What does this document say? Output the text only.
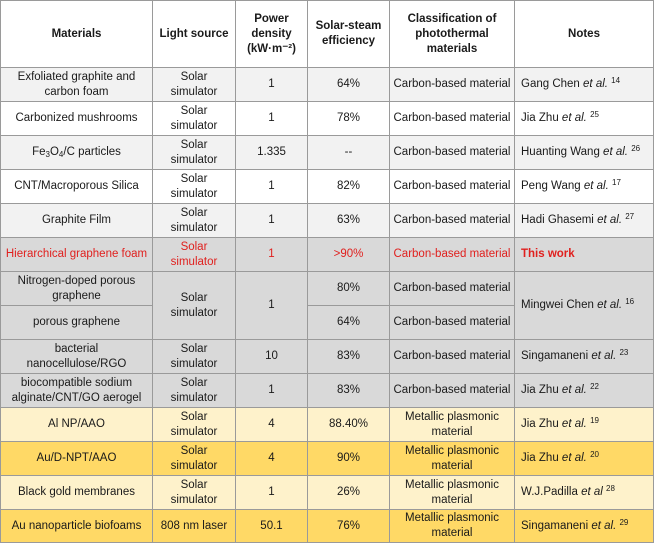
Materials	Light source	Power density (kW·m⁻²)	Solar-steam efficiency	Classification of photothermal materials	Notes
Exfoliated graphite and carbon foam	Solar simulator	1	64%	Carbon-based material	Gang Chen et al. $^{14}$
Carbonized mushrooms	Solar simulator	1	78%	Carbon-based material	Jia Zhu et al. $^{25}$
$Fe_3O_4/C$ particles	Solar simulator	1.335	--	Carbon-based material	Huanting Wang et al. $^{26}$
CNT/Macroporous Silica	Solar simulator	1	82%	Carbon-based material	Peng Wang et al. $^{17}$
Graphite Film	Solar simulator	1	63%	Carbon-based material	Hadi Ghasemi et al. $^{27}$
Hierarchical graphene foam	Solar simulator	1	>90%	Carbon-based material	This work
Nitrogen-doped porous graphene	Solar simulator	1	80%	Carbon-based material	Mingwei Chen et al. $^{16}$
porous graphene			64%	Carbon-based material	
bacterial nanocellulose/RGO	Solar simulator	10	83%	Carbon-based material	Singamaneni et al. $^{23}$
biocompatible sodium alginate/CNT/GO aerogel	Solar simulator	1	83%	Carbon-based material	Jia Zhu et al. $^{22}$
Al NP/AAO	Solar simulator	4	88.40%	Metallic plasmonic material	Jia Zhu et al. $^{19}$
Au/D-NPT/AAO	Solar simulator	4	90%	Metallic plasmonic material	Jia Zhu et al. $^{20}$
Black gold membranes	Solar simulator	1	26%	Metallic plasmonic material	W.J.Padilla et al $^{28}$
Au nanoparticle biofoams	808 nm laser	50.1	76%	Metallic plasmonic material	Singamaneni et al. $^{29}$
